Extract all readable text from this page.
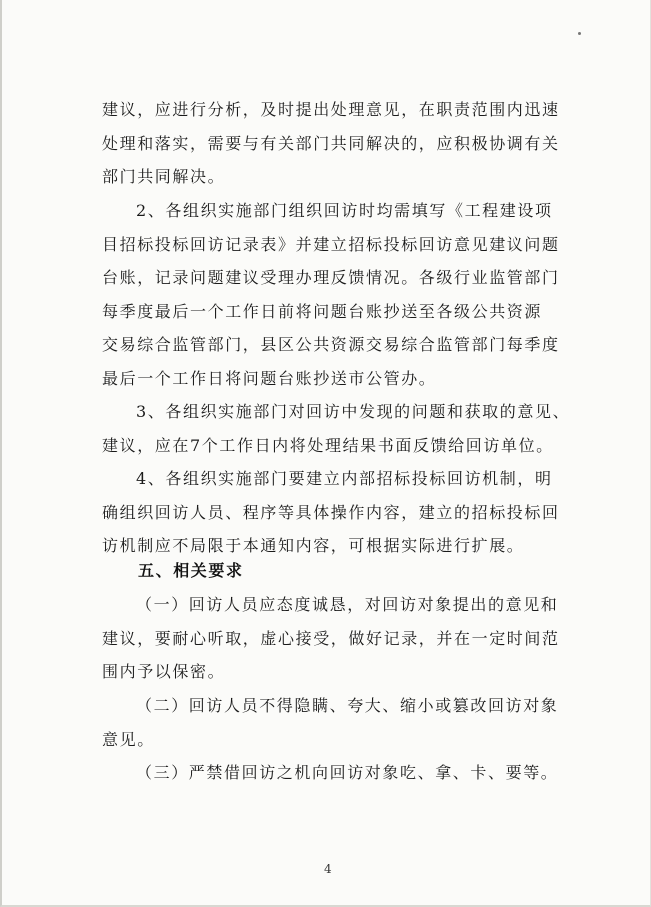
建议，应进行分析，及时提出处理意见，在职责范围内迅速
处理和落实，需要与有关部门共同解决的，应积极协调有关
部门共同解决。

2、各组织实施部门组织回访时均需填写《工程建设项
目招标投标回访记录表》并建立招标投标回访意见建议问题
台账，记录问题建议受理办理反馈情况。各级行业监管部门
每季度最后一个工作日前将问题台账抄送至各级公共资源
交易综合监管部门，县区公共资源交易综合监管部门每季度
最后一个工作日将问题台账抄送市公管办。

3、各组织实施部门对回访中发现的问题和获取的意见、
建议，应在7个工作日内将处理结果书面反馈给回访单位。

4、各组织实施部门要建立内部招标投标回访机制，明
确组织回访人员、程序等具体操作内容，建立的招标投标回
访机制应不局限于本通知内容，可根据实际进行扩展。

五、相关要求

（一）回访人员应态度诚恳，对回访对象提出的意见和
建议，要耐心听取，虚心接受，做好记录，并在一定时间范
围内予以保密。

（二）回访人员不得隐瞒、夸大、缩小或篡改回访对象
意见。

（三）严禁借回访之机向回访对象吃、拿、卡、要等。

4
